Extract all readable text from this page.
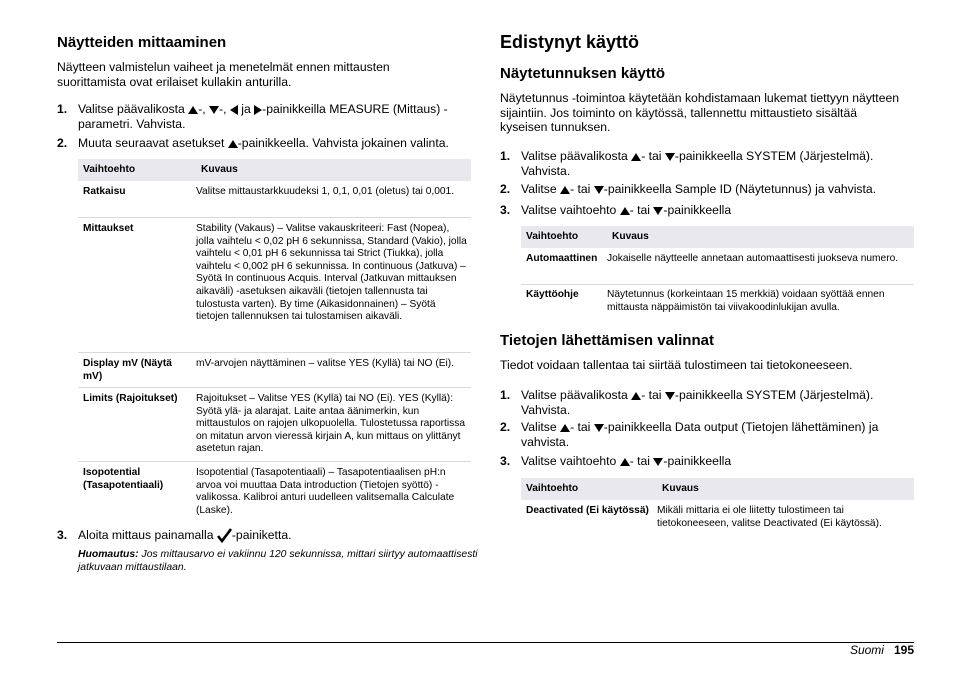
Näytteiden mittaaminen
Näytteen valmistelun vaiheet ja menetelmät ennen mittausten suorittamista ovat erilaiset kullakin anturilla.
1. Valitse päävalikosta -, -,  ja -painikkeilla MEASURE (Mittaus) -parametri. Vahvista.
2. Muuta seuraavat asetukset -painikkeella. Vahvista jokainen valinta.
Vaihtoehto	Kuvaus
Ratkaisu	Valitse mittaustarkkuudeksi 1, 0,1, 0,01 (oletus) tai 0,001.
Mittaukset	Stability (Vakaus) – Valitse vakauskriteeri: Fast (Nopea), jolla vaihtelu < 0,02 pH 6 sekunnissa, Standard (Vakio), jolla vaihtelu < 0,01 pH 6 sekunnissa tai Strict (Tiukka), jolla vaihtelu < 0,002 pH 6 sekunnissa. In continuous (Jatkuva) – Syötä In continuous Acquis. Interval (Jatkuvan mittauksen aikaväli) -asetuksen aikaväli (tietojen tallennusta tai tulostusta varten). By time (Aikasidonnainen) – Syötä tietojen tallennuksen tai tulostamisen aikaväli.
Display mV (Näytä mV)	mV-arvojen näyttäminen – valitse YES (Kyllä) tai NO (Ei).
Limits (Rajoitukset)	Rajoitukset – Valitse YES (Kyllä) tai NO (Ei). YES (Kyllä): Syötä ylä- ja alarajat. Laite antaa äänimerkin, kun mittaustulos on rajojen ulkopuolella. Tulostetussa raportissa on mitatun arvon vieressä kirjain A, kun mittaus on ylittänyt asetetun rajan.
Isopotential (Tasapotentiaali)	Isopotential (Tasapotentiaali) – Tasapotentiaalisen pH:n arvoa voi muuttaa Data introduction (Tietojen syöttö) -valikossa. Kalibroi anturi uudelleen valitsemalla Calculate (Laske).
3. Aloita mittaus painamalla -painiketta.
Huomautus: Jos mittausarvo ei vakiinnu 120 sekunnissa, mittari siirtyy automaattisesti jatkuvaan mittaustilaan.
Edistynyt käyttö
Näytetunnuksen käyttö
Näytetunnus -toimintoa käytetään kohdistamaan lukemat tiettyyn näytteen sijaintiin. Jos toiminto on käytössä, tallennettu mittaustieto sisältää kyseisen tunnuksen.
1. Valitse päävalikosta - tai -painikkeella SYSTEM (Järjestelmä). Vahvista.
2. Valitse - tai -painikkeella Sample ID (Näytetunnus) ja vahvista.
3. Valitse vaihtoehto - tai -painikkeella
Vaihtoehto	Kuvaus
Automaattinen	Jokaiselle näytteelle annetaan automaattisesti juokseva numero.
Käyttöohje	Näytetunnus (korkeintaan 15 merkkiä) voidaan syöttää ennen mittausta näppäimistön tai viivakoodinlukijan avulla.
Tietojen lähettämisen valinnat
Tiedot voidaan tallentaa tai siirtää tulostimeen tai tietokoneeseen.
1. Valitse päävalikosta - tai -painikkeella SYSTEM (Järjestelmä). Vahvista.
2. Valitse - tai -painikkeella Data output (Tietojen lähettäminen) ja vahvista.
3. Valitse vaihtoehto - tai -painikkeella
Vaihtoehto	Kuvaus
Deactivated (Ei käytössä)	Mikäli mittaria ei ole liitetty tulostimeen tai tietokoneeseen, valitse Deactivated (Ei käytössä).
Suomi 195
